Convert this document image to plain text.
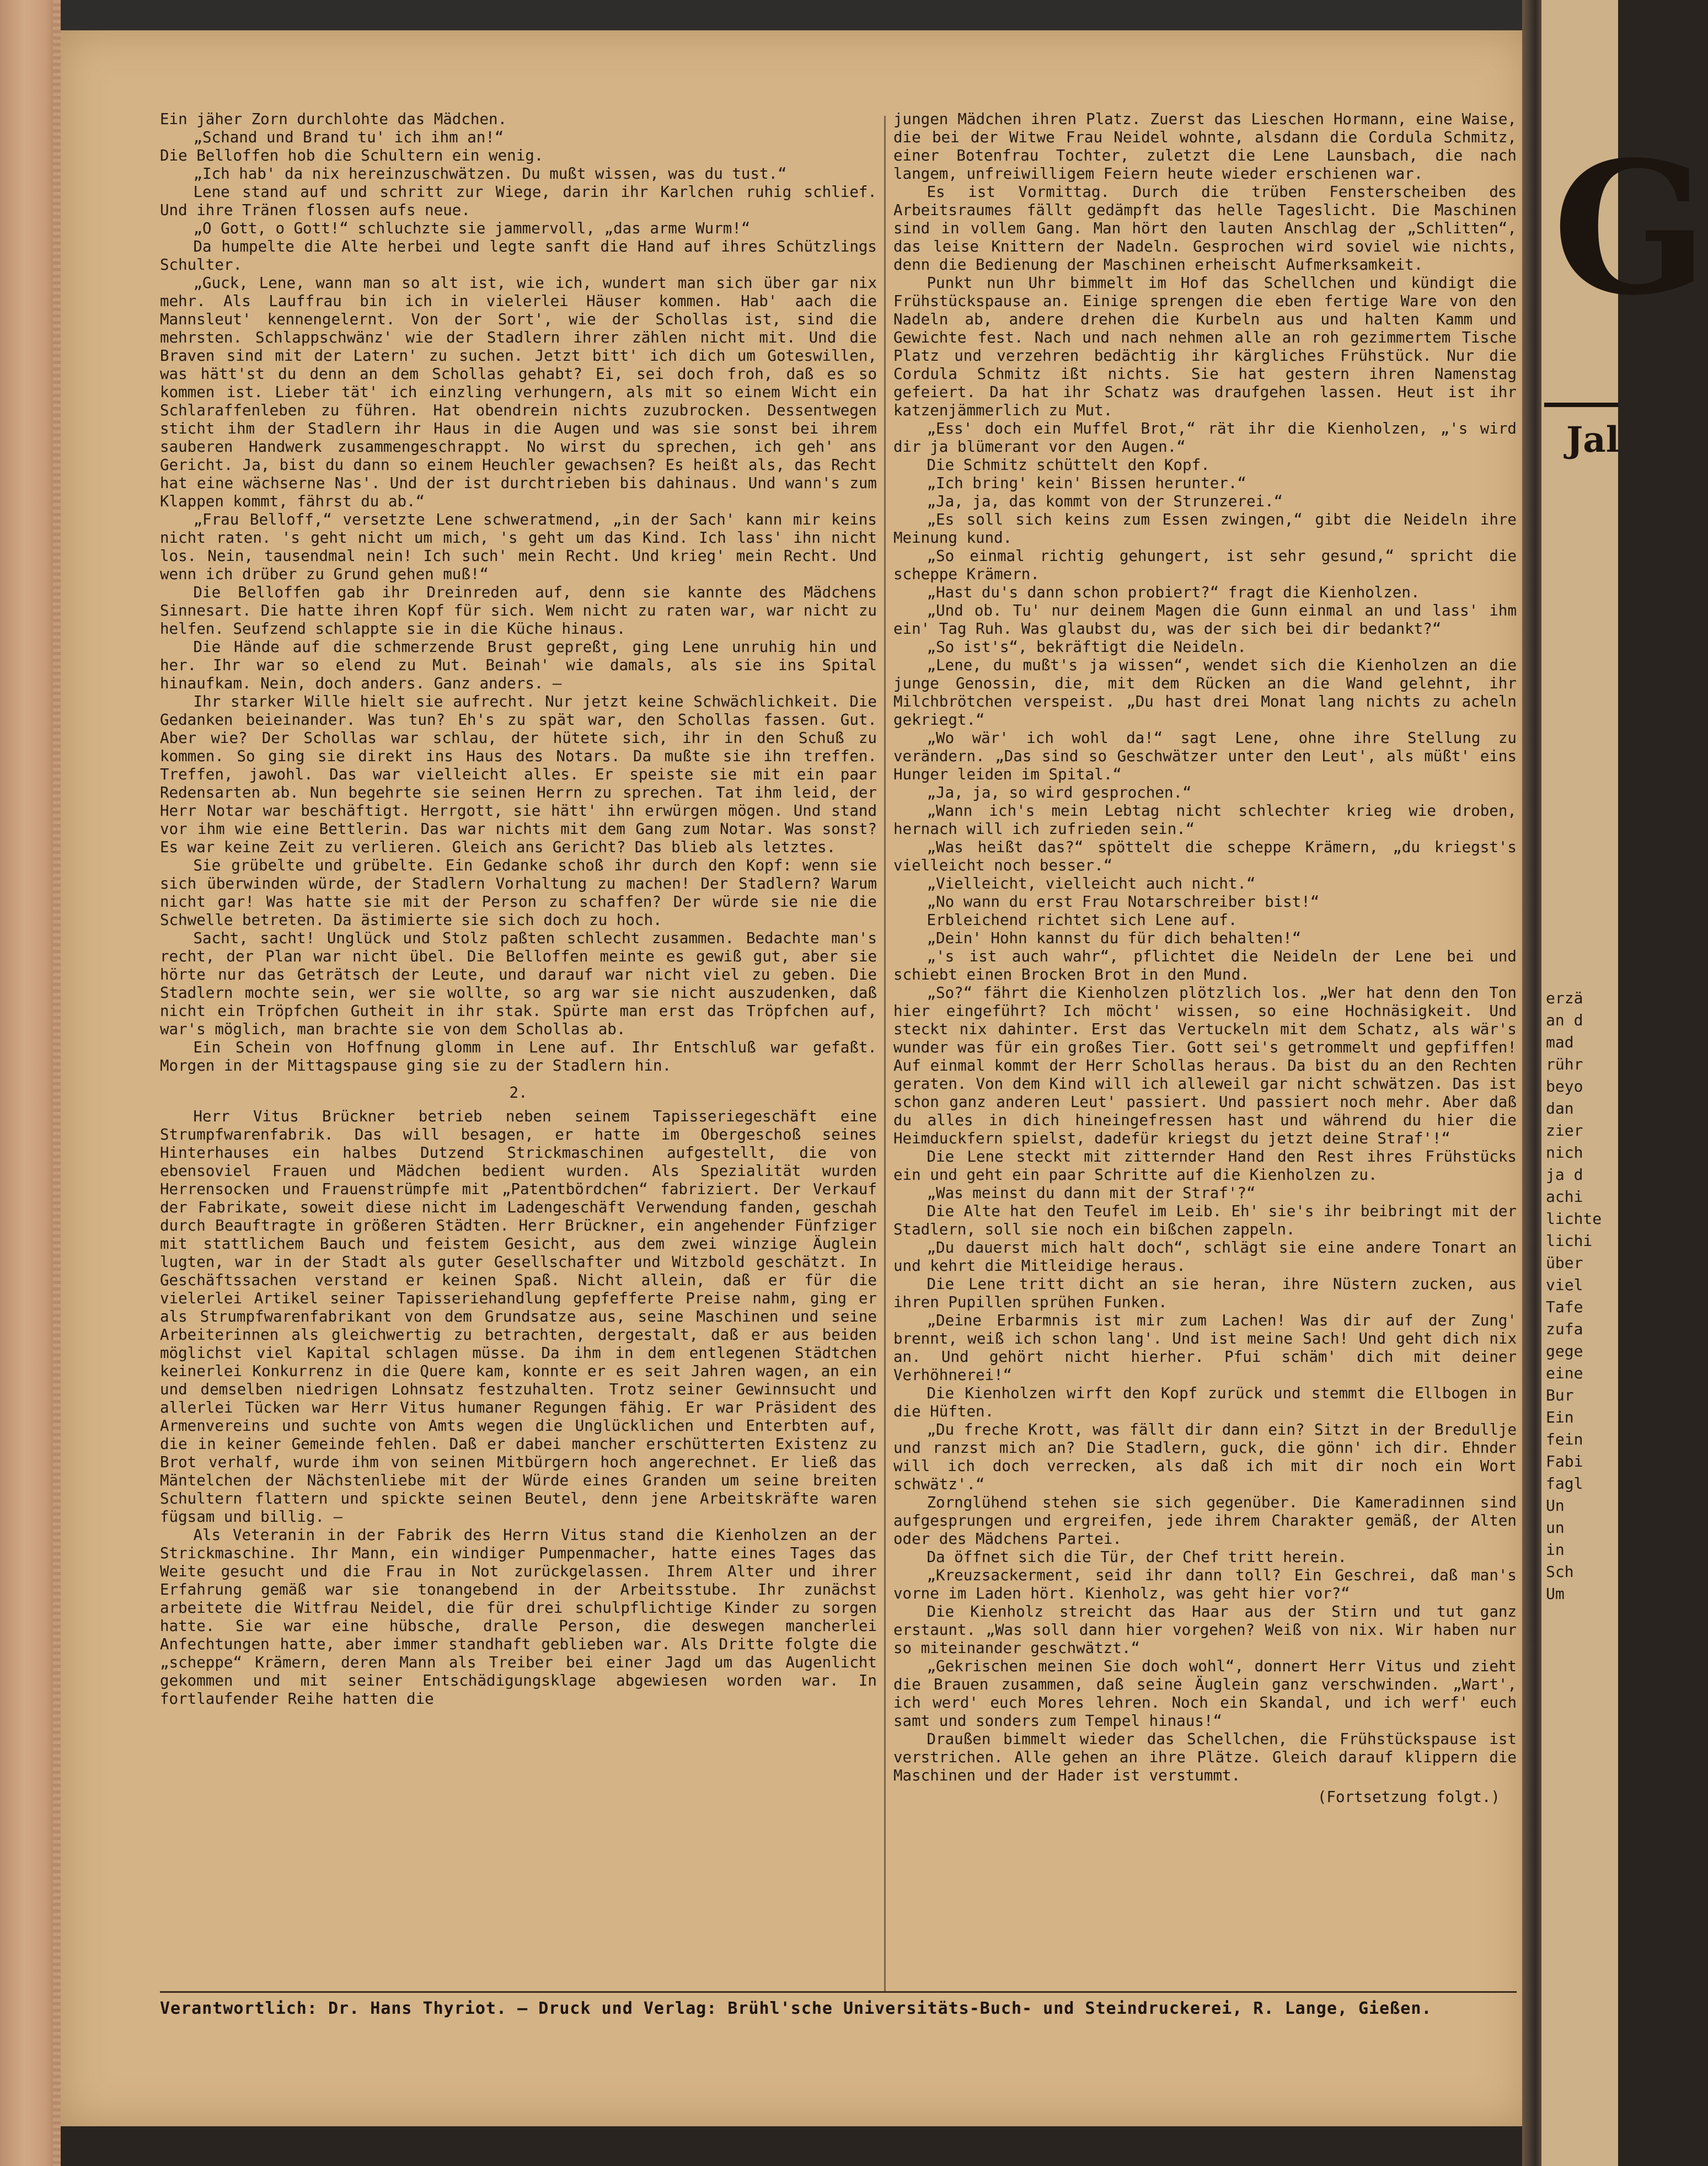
Ein jäher Zorn durchlohte das Mädchen.

„Schand und Brand tu' ich ihm an!“

Die Belloffen hob die Schultern ein wenig.

„Ich hab' da nix hereinzuschwätzen. Du mußt wissen, was du tust.“

Lene stand auf und schritt zur Wiege, darin ihr Karlchen ruhig schlief. Und ihre Tränen flossen aufs neue.

„O Gott, o Gott!“ schluchzte sie jammervoll, „das arme Wurm!“

Da humpelte die Alte herbei und legte sanft die Hand auf ihres Schützlings Schulter.

„Guck, Lene, wann man so alt ist, wie ich, wundert man sich über gar nix mehr. Als Lauffrau bin ich in vielerlei Häuser kommen. Hab' aach die Mannsleut' kennengelernt. Von der Sort', wie der Schollas ist, sind die mehrsten. Schlappschwänz' wie der Stadlern ihrer zählen nicht mit. Und die Braven sind mit der Latern' zu suchen. Jetzt bitt' ich dich um Goteswillen, was hätt'st du denn an dem Schollas gehabt? Ei, sei doch froh, daß es so kommen ist. Lieber tät' ich einzling verhungern, als mit so einem Wicht ein Schlaraffenleben zu führen. Hat obendrein nichts zuzubrocken. Dessentwegen sticht ihm der Stadlern ihr Haus in die Augen und was sie sonst bei ihrem sauberen Handwerk zusammengeschrappt. No wirst du sprechen, ich geh' ans Gericht. Ja, bist du dann so einem Heuchler gewachsen? Es heißt als, das Recht hat eine wächserne Nas'. Und der ist durchtrieben bis dahinaus. Und wann's zum Klappen kommt, fährst du ab.“

„Frau Belloff,“ versetzte Lene schweratmend, „in der Sach' kann mir keins nicht raten. 's geht nicht um mich, 's geht um das Kind. Ich lass' ihn nicht los. Nein, tausendmal nein! Ich such' mein Recht. Und krieg' mein Recht. Und wenn ich drüber zu Grund gehen muß!“

Die Belloffen gab ihr Dreinreden auf, denn sie kannte des Mädchens Sinnesart. Die hatte ihren Kopf für sich. Wem nicht zu raten war, war nicht zu helfen. Seufzend schlappte sie in die Küche hinaus.

Die Hände auf die schmerzende Brust gepreßt, ging Lene unruhig hin und her. Ihr war so elend zu Mut. Beinah' wie damals, als sie ins Spital hinaufkam. Nein, doch anders. Ganz anders. —

Ihr starker Wille hielt sie aufrecht. Nur jetzt keine Schwächlichkeit. Die Gedanken beieinander. Was tun? Eh's zu spät war, den Schollas fassen. Gut. Aber wie? Der Schollas war schlau, der hütete sich, ihr in den Schuß zu kommen. So ging sie direkt ins Haus des Notars. Da mußte sie ihn treffen. Treffen, jawohl. Das war vielleicht alles. Er speiste sie mit ein paar Redensarten ab. Nun begehrte sie seinen Herrn zu sprechen. Tat ihm leid, der Herr Notar war beschäftigt. Herrgott, sie hätt' ihn erwürgen mögen. Und stand vor ihm wie eine Bettlerin. Das war nichts mit dem Gang zum Notar. Was sonst? Es war keine Zeit zu verlieren. Gleich ans Gericht? Das blieb als letztes.

Sie grübelte und grübelte. Ein Gedanke schoß ihr durch den Kopf: wenn sie sich überwinden würde, der Stadlern Vorhaltung zu machen! Der Stadlern? Warum nicht gar! Was hatte sie mit der Person zu schaffen? Der würde sie nie die Schwelle betreten. Da ästimierte sie sich doch zu hoch.

Sacht, sacht! Unglück und Stolz paßten schlecht zusammen. Bedachte man's recht, der Plan war nicht übel. Die Belloffen meinte es gewiß gut, aber sie hörte nur das Geträtsch der Leute, und darauf war nicht viel zu geben. Die Stadlern mochte sein, wer sie wollte, so arg war sie nicht auszudenken, daß nicht ein Tröpfchen Gutheit in ihr stak. Spürte man erst das Tröpfchen auf, war's möglich, man brachte sie von dem Schollas ab.

Ein Schein von Hoffnung glomm in Lene auf. Ihr Entschluß war gefaßt. Morgen in der Mittagspause ging sie zu der Stadlern hin.

2.

Herr Vitus Brückner betrieb neben seinem Tapisseriegeschäft eine Strumpfwarenfabrik. Das will besagen, er hatte im Obergeschoß seines Hinterhauses ein halbes Dutzend Strickmaschinen aufgestellt, die von ebensoviel Frauen und Mädchen bedient wurden. Als Spezialität wurden Herrensocken und Frauenstrümpfe mit „Patentbördchen“ fabriziert. Der Verkauf der Fabrikate, soweit diese nicht im Ladengeschäft Verwendung fanden, geschah durch Beauftragte in größeren Städten. Herr Brückner, ein angehender Fünfziger mit stattlichem Bauch und feistem Gesicht, aus dem zwei winzige Äuglein lugten, war in der Stadt als guter Gesellschafter und Witzbold geschätzt. In Geschäftssachen verstand er keinen Spaß. Nicht allein, daß er für die vielerlei Artikel seiner Tapisseriehandlung gepfefferte Preise nahm, ging er als Strumpfwarenfabrikant von dem Grundsatze aus, seine Maschinen und seine Arbeiterinnen als gleichwertig zu betrachten, dergestalt, daß er aus beiden möglichst viel Kapital schlagen müsse. Da ihm in dem entlegenen Städtchen keinerlei Konkurrenz in die Quere kam, konnte er es seit Jahren wagen, an ein und demselben niedrigen Lohnsatz festzuhalten. Trotz seiner Gewinnsucht und allerlei Tücken war Herr Vitus humaner Regungen fähig. Er war Präsident des Armenvereins und suchte von Amts wegen die Unglücklichen und Enterbten auf, die in keiner Gemeinde fehlen. Daß er dabei mancher erschütterten Existenz zu Brot verhalf, wurde ihm von seinen Mitbürgern hoch angerechnet. Er ließ das Mäntelchen der Nächstenliebe mit der Würde eines Granden um seine breiten Schultern flattern und spickte seinen Beutel, denn jene Arbeitskräfte waren fügsam und billig. —

Als Veteranin in der Fabrik des Herrn Vitus stand die Kienholzen an der Strickmaschine. Ihr Mann, ein windiger Pumpenmacher, hatte eines Tages das Weite gesucht und die Frau in Not zurückgelassen. Ihrem Alter und ihrer Erfahrung gemäß war sie tonangebend in der Arbeitsstube. Ihr zunächst arbeitete die Witfrau Neidel, die für drei schulpflichtige Kinder zu sorgen hatte. Sie war eine hübsche, dralle Person, die deswegen mancherlei Anfechtungen hatte, aber immer standhaft geblieben war. Als Dritte folgte die „scheppe“ Krämern, deren Mann als Treiber bei einer Jagd um das Augenlicht gekommen und mit seiner Entschädigungsklage abgewiesen worden war. In fortlaufender Reihe hatten die

jungen Mädchen ihren Platz. Zuerst das Lieschen Hormann, eine Waise, die bei der Witwe Frau Neidel wohnte, alsdann die Cordula Schmitz, einer Botenfrau Tochter, zuletzt die Lene Launsbach, die nach langem, unfreiwilligem Feiern heute wieder erschienen war.

Es ist Vormittag. Durch die trüben Fensterscheiben des Arbeitsraumes fällt gedämpft das helle Tageslicht. Die Maschinen sind in vollem Gang. Man hört den lauten Anschlag der „Schlitten“, das leise Knittern der Nadeln. Gesprochen wird soviel wie nichts, denn die Bedienung der Maschinen erheischt Aufmerksamkeit.

Punkt nun Uhr bimmelt im Hof das Schellchen und kündigt die Frühstückspause an. Einige sprengen die eben fertige Ware von den Nadeln ab, andere drehen die Kurbeln aus und halten Kamm und Gewichte fest. Nach und nach nehmen alle an roh gezimmertem Tische Platz und verzehren bedächtig ihr kärgliches Frühstück. Nur die Cordula Schmitz ißt nichts. Sie hat gestern ihren Namenstag gefeiert. Da hat ihr Schatz was draufgehen lassen. Heut ist ihr katzenjämmerlich zu Mut.

„Ess' doch ein Muffel Brot,“ rät ihr die Kienholzen, „'s wird dir ja blümerant vor den Augen.“

Die Schmitz schüttelt den Kopf.

„Ich bring' kein' Bissen herunter.“

„Ja, ja, das kommt von der Strunzerei.“

„Es soll sich keins zum Essen zwingen,“ gibt die Neideln ihre Meinung kund.

„So einmal richtig gehungert, ist sehr gesund,“ spricht die scheppe Krämern.

„Hast du's dann schon probiert?“ fragt die Kienholzen.

„Und ob. Tu' nur deinem Magen die Gunn einmal an und lass' ihm ein' Tag Ruh. Was glaubst du, was der sich bei dir bedankt?“

„So ist's“, bekräftigt die Neideln.

„Lene, du mußt's ja wissen“, wendet sich die Kienholzen an die junge Genossin, die, mit dem Rücken an die Wand gelehnt, ihr Milchbrötchen verspeist. „Du hast drei Monat lang nichts zu acheln gekriegt.“

„Wo wär' ich wohl da!“ sagt Lene, ohne ihre Stellung zu verändern. „Das sind so Geschwätzer unter den Leut', als müßt' eins Hunger leiden im Spital.“

„Ja, ja, so wird gesprochen.“

„Wann ich's mein Lebtag nicht schlechter krieg wie droben, hernach will ich zufrieden sein.“

„Was heißt das?“ spöttelt die scheppe Krämern, „du kriegst's vielleicht noch besser.“

„Vielleicht, vielleicht auch nicht.“

„No wann du erst Frau Notarschreiber bist!“

Erbleichend richtet sich Lene auf.

„Dein' Hohn kannst du für dich behalten!“

„'s ist auch wahr“, pflichtet die Neideln der Lene bei und schiebt einen Brocken Brot in den Mund.

„So?“ fährt die Kienholzen plötzlich los. „Wer hat denn den Ton hier eingeführt? Ich möcht' wissen, so eine Hochnäsigkeit. Und steckt nix dahinter. Erst das Vertuckeln mit dem Schatz, als wär's wunder was für ein großes Tier. Gott sei's getrommelt und gepfiffen! Auf einmal kommt der Herr Schollas heraus. Da bist du an den Rechten geraten. Von dem Kind will ich alleweil gar nicht schwätzen. Das ist schon ganz anderen Leut' passiert. Und passiert noch mehr. Aber daß du alles in dich hineingefressen hast und während du hier die Heimduckfern spielst, dadefür kriegst du jetzt deine Straf'!“

Die Lene steckt mit zitternder Hand den Rest ihres Frühstücks ein und geht ein paar Schritte auf die Kienholzen zu.

„Was meinst du dann mit der Straf'?“

Die Alte hat den Teufel im Leib. Eh' sie's ihr beibringt mit der Stadlern, soll sie noch ein bißchen zappeln.

„Du dauerst mich halt doch“, schlägt sie eine andere Tonart an und kehrt die Mitleidige heraus.

Die Lene tritt dicht an sie heran, ihre Nüstern zucken, aus ihren Pupillen sprühen Funken.

„Deine Erbarmnis ist mir zum Lachen! Was dir auf der Zung' brennt, weiß ich schon lang'. Und ist meine Sach! Und geht dich nix an. Und gehört nicht hierher. Pfui schäm' dich mit deiner Verhöhnerei!“

Die Kienholzen wirft den Kopf zurück und stemmt die Ellbogen in die Hüften.

„Du freche Krott, was fällt dir dann ein? Sitzt in der Bredullje und ranzst mich an? Die Stadlern, guck, die gönn' ich dir. Ehnder will ich doch verrecken, als daß ich mit dir noch ein Wort schwätz'.“

Zornglühend stehen sie sich gegenüber. Die Kameradinnen sind aufgesprungen und ergreifen, jede ihrem Charakter gemäß, der Alten oder des Mädchens Partei.

Da öffnet sich die Tür, der Chef tritt herein.

„Kreuzsackerment, seid ihr dann toll? Ein Geschrei, daß man's vorne im Laden hört. Kienholz, was geht hier vor?“

Die Kienholz streicht das Haar aus der Stirn und tut ganz erstaunt. „Was soll dann hier vorgehen? Weiß von nix. Wir haben nur so miteinander geschwätzt.“

„Gekrischen meinen Sie doch wohl“, donnert Herr Vitus und zieht die Brauen zusammen, daß seine Äuglein ganz verschwinden. „Wart', ich werd' euch Mores lehren. Noch ein Skandal, und ich werf' euch samt und sonders zum Tempel hinaus!“

Draußen bimmelt wieder das Schellchen, die Frühstückspause ist verstrichen. Alle gehen an ihre Plätze. Gleich darauf klippern die Maschinen und der Hader ist verstummt.

(Fortsetzung folgt.)

Verantwortlich: Dr. Hans Thyriot. — Druck und Verlag: Brühl'sche Universitäts-Buch- und Steindruckerei, R. Lange, Gießen.
G
Jal
erzä
an d
mad
rühr
beyo
dan
zier
nich
ja d
achi
lichte
lichi
über
viel
Tafe
zufa
gege
eine
Bur
Ein
fein
Fabi
fagl
Un
un
in
Sch
Um
